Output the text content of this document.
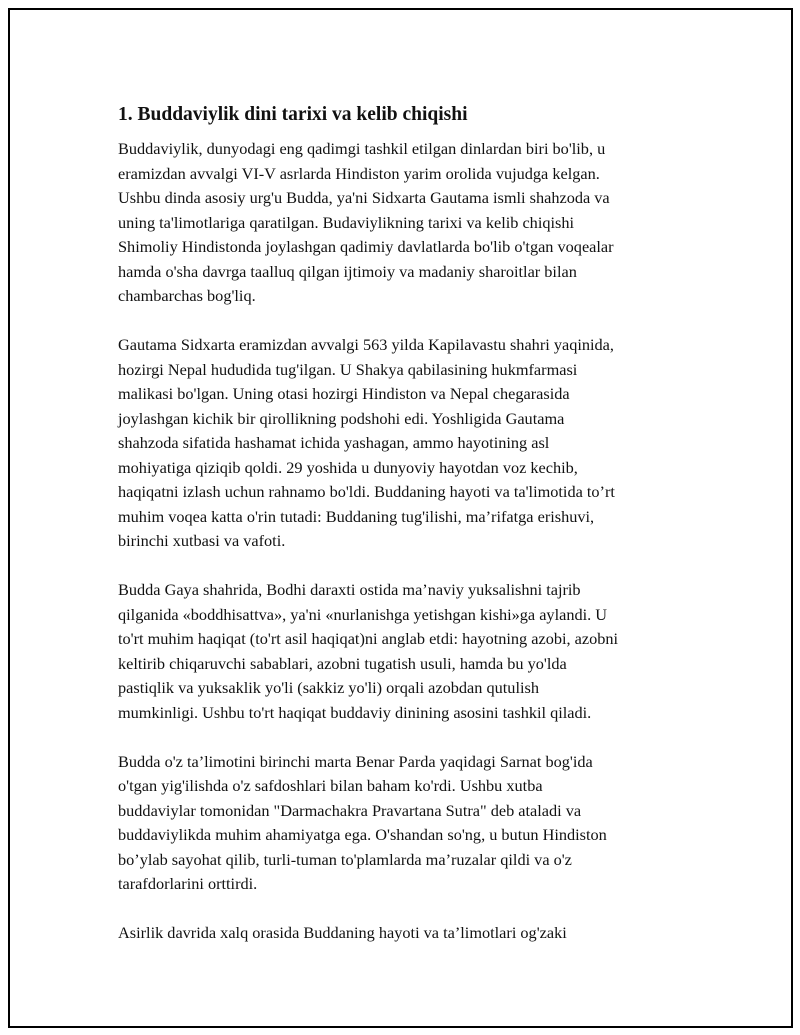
1. Buddaviylik dini tarixi va kelib chiqishi
Buddaviylik, dunyodagi eng qadimgi tashkil etilgan dinlardan biri bo'lib, u
eramizdan avvalgi VI-V asrlarda Hindiston yarim orolida vujudga kelgan.
Ushbu dinda asosiy urg'u Budda, ya'ni Sidxarta Gautama ismli shahzoda va
uning ta'limotlariga qaratilgan. Budaviylikning tarixi va kelib chiqishi
Shimoliy Hindistonda joylashgan qadimiy davlatlarda bo'lib o'tgan voqealar
hamda o'sha davrga taalluq qilgan ijtimoiy va madaniy sharoitlar bilan
chambarchas bog'liq.
Gautama Sidxarta eramizdan avvalgi 563 yilda Kapilavastu shahri yaqinida,
hozirgi Nepal hududida tug'ilgan. U Shakya qabilasining hukmfarmasi
malikasi bo'lgan. Uning otasi hozirgi Hindiston va Nepal chegarasida
joylashgan kichik bir qirollikning podshohi edi. Yoshligida Gautama
shahzoda sifatida hashamat ichida yashagan, ammo hayotining asl
mohiyatiga qiziqib qoldi. 29 yoshida u dunyoviy hayotdan voz kechib,
haqiqatni izlash uchun rahnamo bo'ldi. Buddaning hayoti va ta'limotida to’rt
muhim voqea katta o'rin tutadi: Buddaning tug'ilishi, ma’rifatga erishuvi,
birinchi xutbasi va vafoti.
Budda Gaya shahrida, Bodhi daraxti ostida ma’naviy yuksalishni tajrib
qilganida «boddhisattva», ya'ni «nurlanishga yetishgan kishi»ga aylandi. U
to'rt muhim haqiqat (to'rt asil haqiqat)ni anglab etdi: hayotning azobi, azobni
keltirib chiqaruvchi sabablari, azobni tugatish usuli, hamda bu yo'lda
pastiqlik va yuksaklik yo'li (sakkiz yo'li) orqali azobdan qutulish
mumkinligi. Ushbu to'rt haqiqat buddaviy dinining asosini tashkil qiladi.
Budda o'z ta’limotini birinchi marta Benar Parda yaqidagi Sarnat bog'ida
o'tgan yig'ilishda o'z safdoshlari bilan baham ko'rdi. Ushbu xutba
buddaviylar tomonidan "Darmachakra Pravartana Sutra" deb ataladi va
buddaviylikda muhim ahamiyatga ega. O'shandan so'ng, u butun Hindiston
bo’ylab sayohat qilib, turli-tuman to'plamlarda ma’ruzalar qildi va o'z
tarafdorlarini orttirdi.
Asirlik davrida xalq orasida Buddaning hayoti va ta’limotlari og'zaki
